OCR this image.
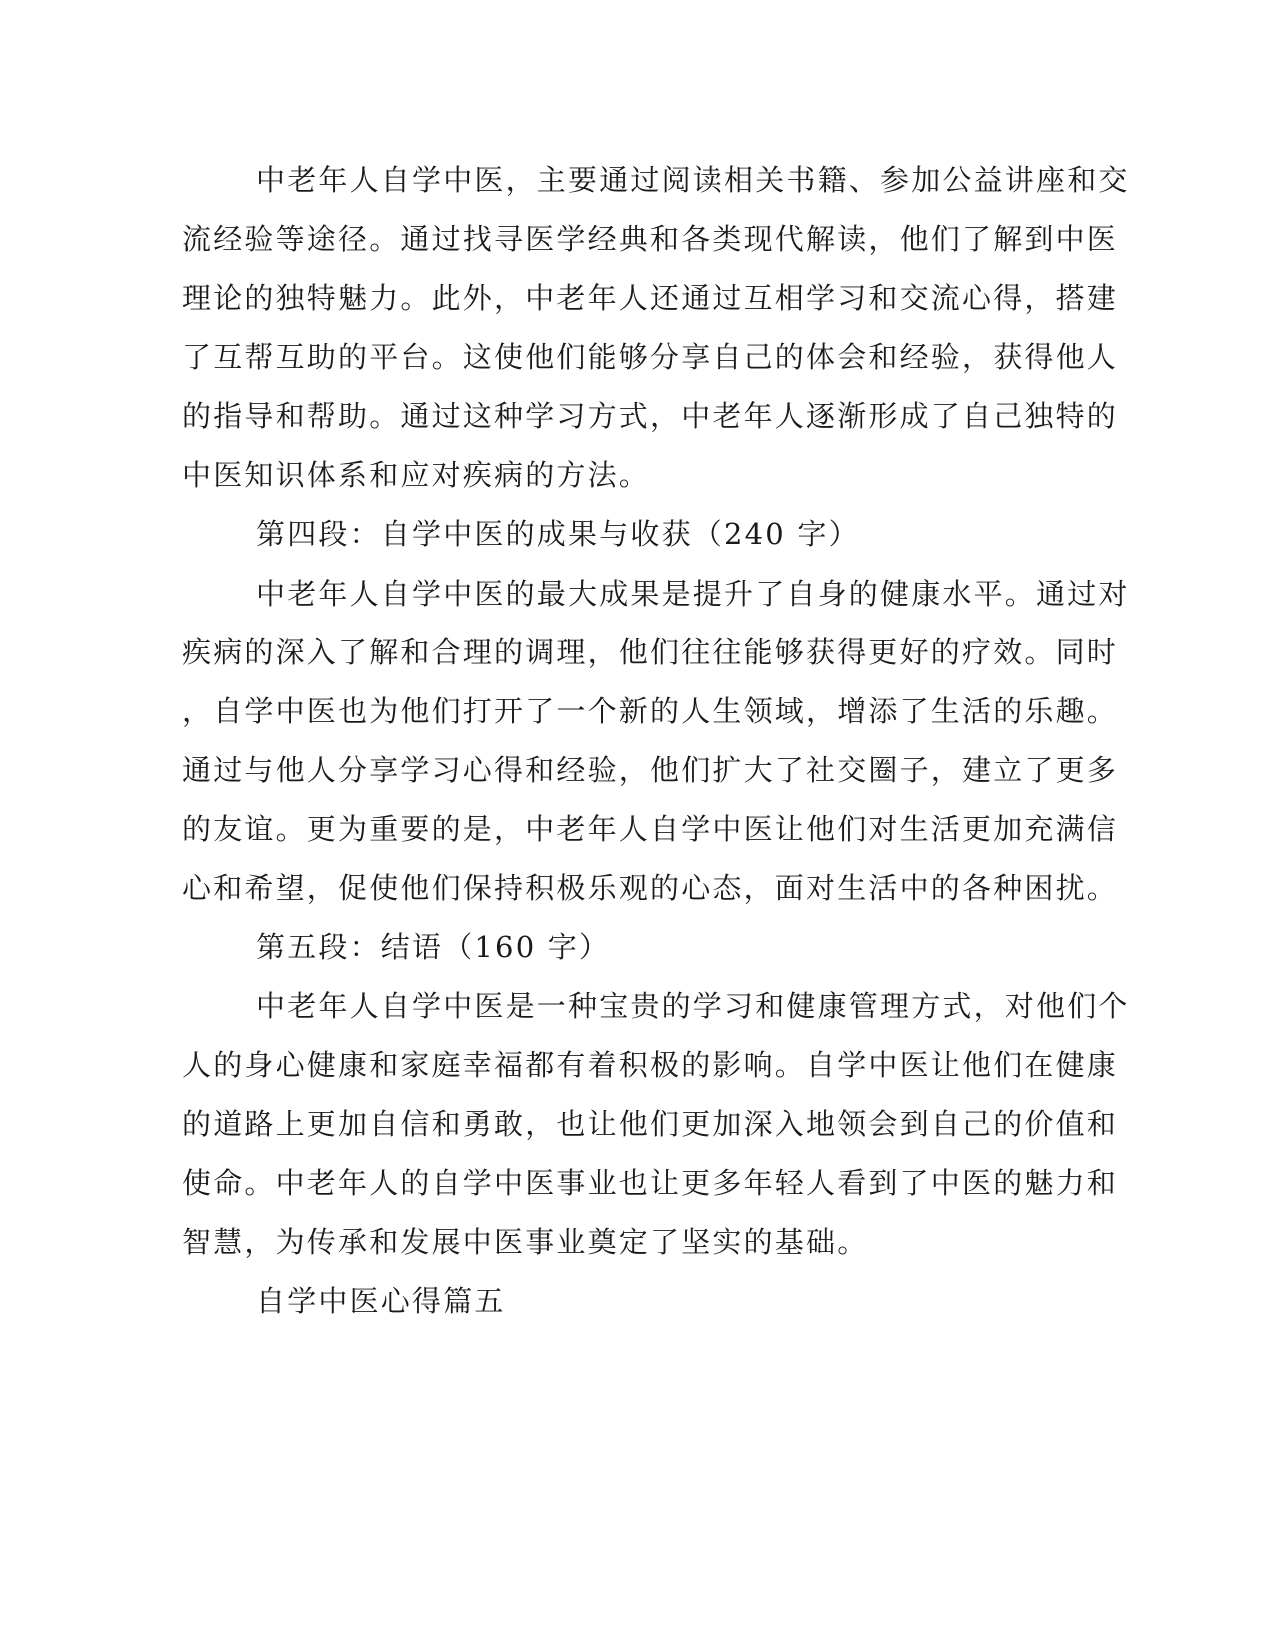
中老年人自学中医，主要通过阅读相关书籍、参加公益讲座和交
流经验等途径。通过找寻医学经典和各类现代解读，他们了解到中医
理论的独特魅力。此外，中老年人还通过互相学习和交流心得，搭建
了互帮互助的平台。这使他们能够分享自己的体会和经验，获得他人
的指导和帮助。通过这种学习方式，中老年人逐渐形成了自己独特的
中医知识体系和应对疾病的方法。
第四段：自学中医的成果与收获（240 字）
中老年人自学中医的最大成果是提升了自身的健康水平。通过对
疾病的深入了解和合理的调理，他们往往能够获得更好的疗效。同时
，自学中医也为他们打开了一个新的人生领域，增添了生活的乐趣。
通过与他人分享学习心得和经验，他们扩大了社交圈子，建立了更多
的友谊。更为重要的是，中老年人自学中医让他们对生活更加充满信
心和希望，促使他们保持积极乐观的心态，面对生活中的各种困扰。
第五段：结语（160 字）
中老年人自学中医是一种宝贵的学习和健康管理方式，对他们个
人的身心健康和家庭幸福都有着积极的影响。自学中医让他们在健康
的道路上更加自信和勇敢，也让他们更加深入地领会到自己的价值和
使命。中老年人的自学中医事业也让更多年轻人看到了中医的魅力和
智慧，为传承和发展中医事业奠定了坚实的基础。
自学中医心得篇五
